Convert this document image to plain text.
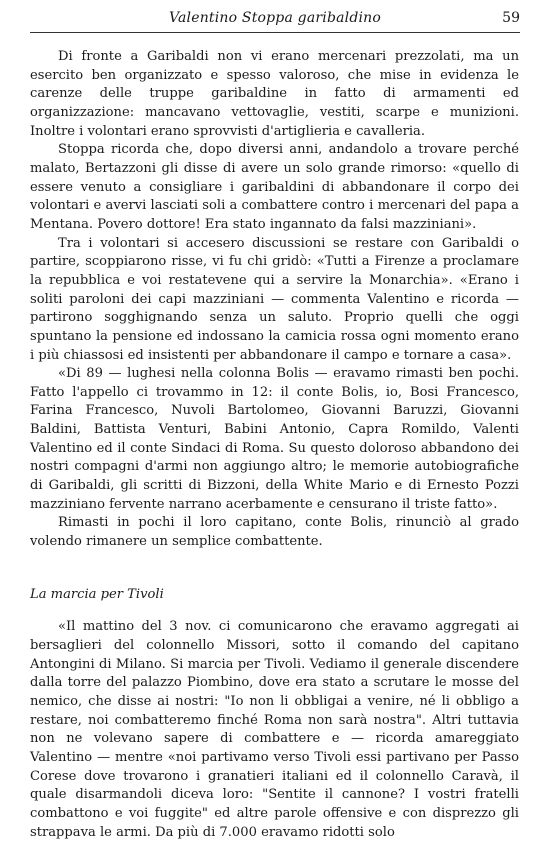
Valentino Stoppa garibaldino	59

Di fronte a Garibaldi non vi erano mercenari prezzolati, ma un esercito ben organizzato e spesso valoroso, che mise in evidenza le carenze delle truppe garibaldine in fatto di armamenti ed organizzazione: mancavano vettovaglie, vestiti, scarpe e munizioni. Inoltre i volontari erano sprovvisti d'artiglieria e cavalleria.

Stoppa ricorda che, dopo diversi anni, andandolo a trovare perché malato, Bertazzoni gli disse di avere un solo grande rimorso: «quello di essere venuto a consigliare i garibaldini di abbandonare il corpo dei volontari e avervi lasciati soli a combattere contro i mercenari del papa a Mentana. Povero dottore! Era stato ingannato da falsi mazziniani».

Tra i volontari si accesero discussioni se restare con Garibaldi o partire, scoppiarono risse, vi fu chi gridò: «Tutti a Firenze a proclamare la repubblica e voi restatevene qui a servire la Monarchia». «Erano i soliti paroloni dei capi mazziniani — commenta Valentino e ricorda — partirono sogghignando senza un saluto. Proprio quelli che oggi spuntano la pensione ed indossano la camicia rossa ogni momento erano i più chiassosi ed insistenti per abbandonare il campo e tornare a casa».

«Di 89 — lughesi nella colonna Bolis — eravamo rimasti ben pochi. Fatto l'appello ci trovammo in 12: il conte Bolis, io, Bosi Francesco, Farina Francesco, Nuvoli Bartolomeo, Giovanni Baruzzi, Giovanni Baldini, Battista Venturi, Babini Antonio, Capra Romildo, Valenti Valentino ed il conte Sindaci di Roma. Su questo doloroso abbandono dei nostri compagni d'armi non aggiungo altro; le memorie autobiografiche di Garibaldi, gli scritti di Bizzoni, della White Mario e di Ernesto Pozzi mazziniano fervente narrano acerbamente e censurano il triste fatto».

Rimasti in pochi il loro capitano, conte Bolis, rinunciò al grado volendo rimanere un semplice combattente.

La marcia per Tivoli

«Il mattino del 3 nov. ci comunicarono che eravamo aggregati ai bersaglieri del colonnello Missori, sotto il comando del capitano Antongini di Milano. Si marcia per Tivoli. Vediamo il generale discendere dalla torre del palazzo Piombino, dove era stato a scrutare le mosse del nemico, che disse ai nostri: "Io non li obbligai a venire, né li obbligo a restare, noi combatteremo finché Roma non sarà nostra". Altri tuttavia non ne volevano sapere di combattere e — ricorda amareggiato Valentino — mentre «noi partivamo verso Tivoli essi partivano per Passo Corese dove trovarono i granatieri italiani ed il colonnello Caravà, il quale disarmandoli diceva loro: "Sentite il cannone? I vostri fratelli combattono e voi fuggite" ed altre parole offensive e con disprezzo gli strappava le armi. Da più di 7.000 eravamo ridotti solo
